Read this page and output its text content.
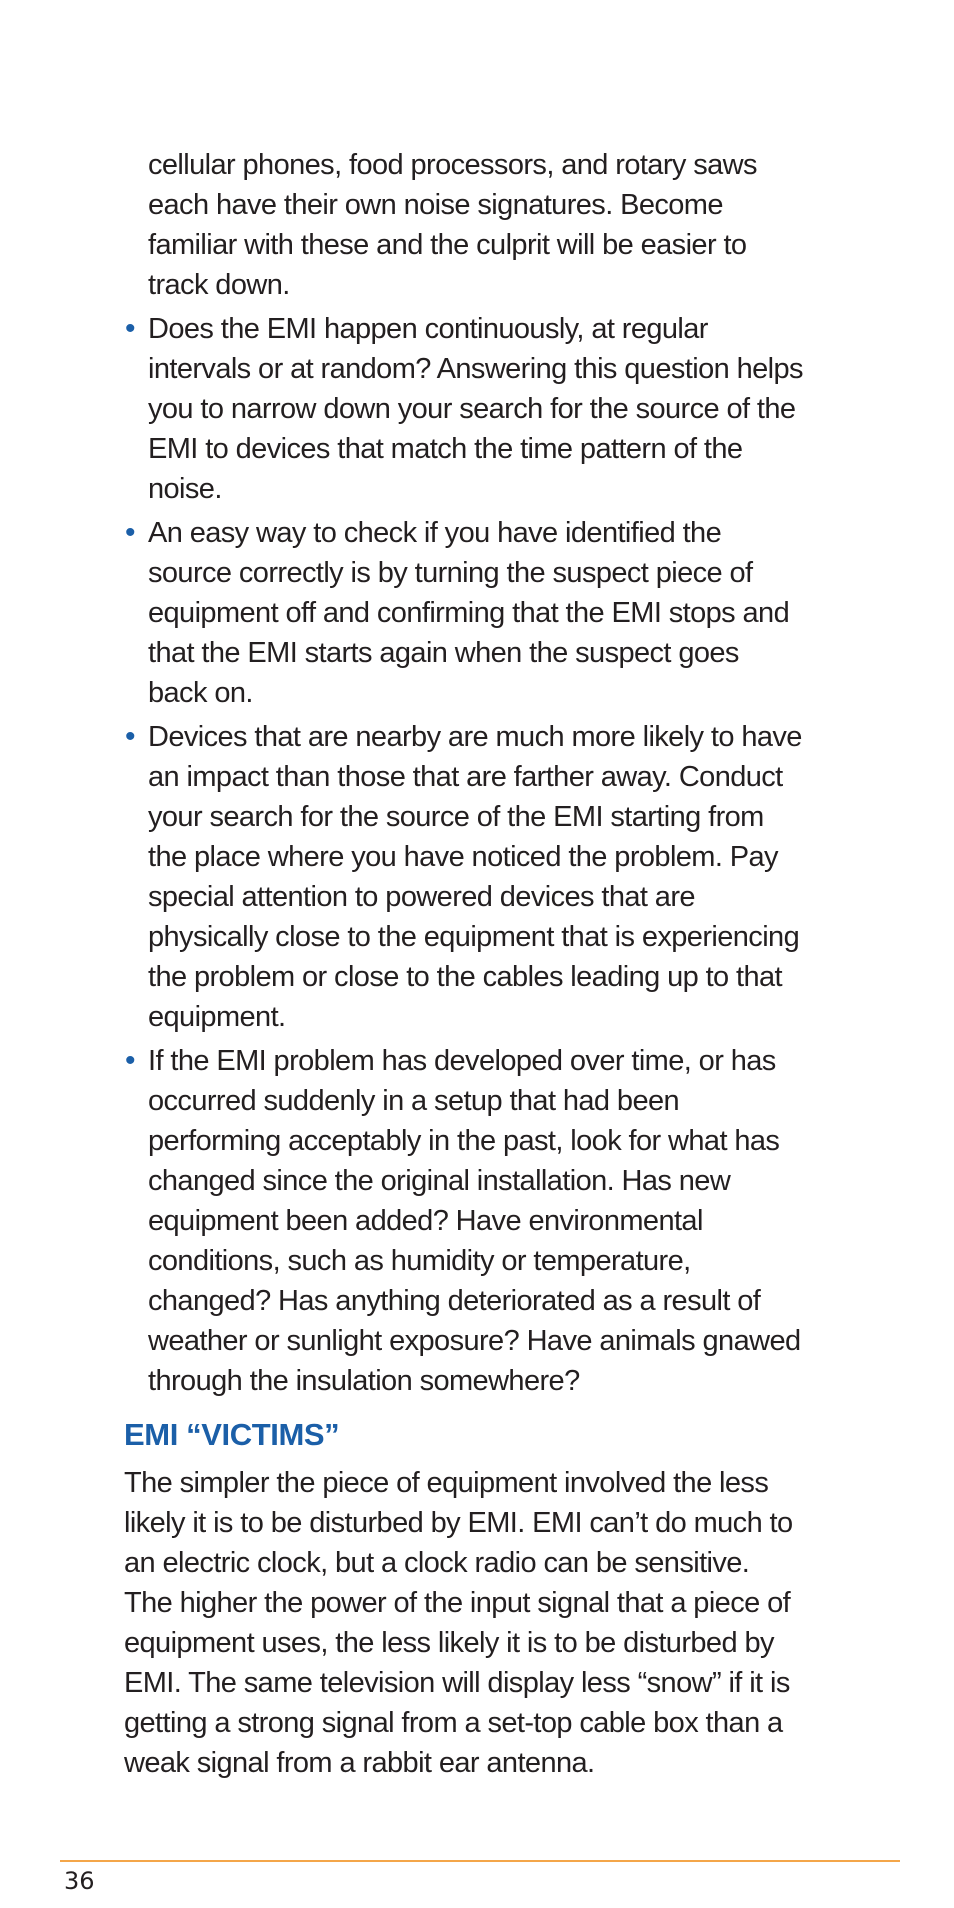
cellular phones, food processors, and rotary saws each have their own noise signatures. Become familiar with these and the culprit will be easier to track down.

• Does the EMI happen continuously, at regular intervals or at random? Answering this question helps you to narrow down your search for the source of the EMI to devices that match the time pattern of the noise.
• An easy way to check if you have identified the source correctly is by turning the suspect piece of equipment off and confirming that the EMI stops and that the EMI starts again when the suspect goes back on.
• Devices that are nearby are much more likely to have an impact than those that are farther away. Conduct your search for the source of the EMI starting from the place where you have noticed the problem. Pay special attention to powered devices that are physically close to the equipment that is experiencing the problem or close to the cables leading up to that equipment.
• If the EMI problem has developed over time, or has occurred suddenly in a setup that had been performing acceptably in the past, look for what has changed since the original installation. Has new equipment been added? Have environmental conditions, such as humidity or temperature, changed? Has anything deteriorated as a result of weather or sunlight exposure? Have animals gnawed through the insulation somewhere?
EMI “VICTIMS”

The simpler the piece of equipment involved the less likely it is to be disturbed by EMI. EMI can’t do much to an electric clock, but a clock radio can be sensitive. The higher the power of the input signal that a piece of equipment uses, the less likely it is to be disturbed by EMI. The same television will display less “snow” if it is getting a strong signal from a set-top cable box than a weak signal from a rabbit ear antenna.

36
